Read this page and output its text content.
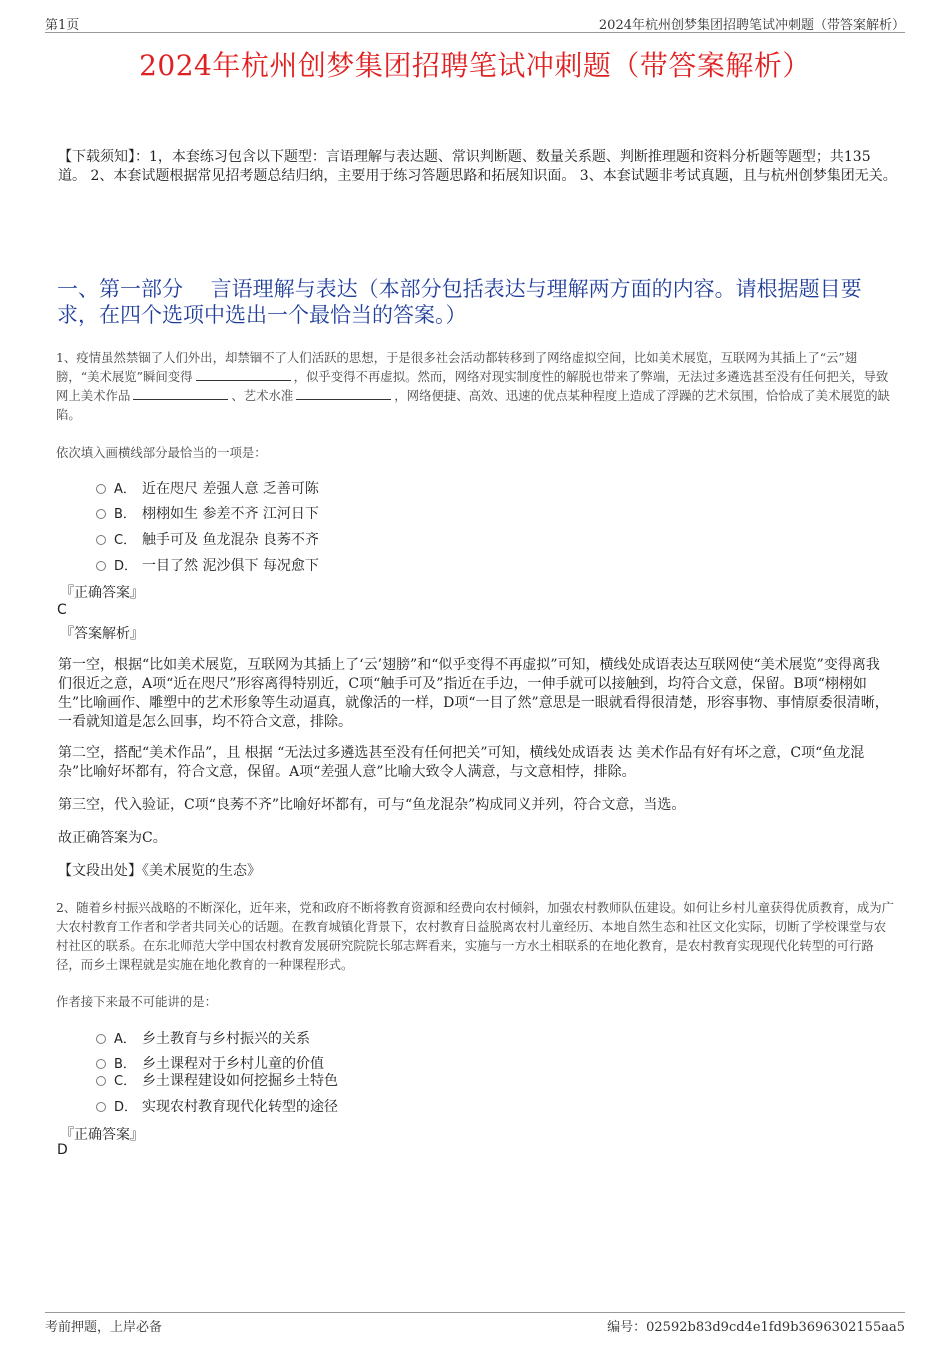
第1页	2024年杭州创梦集团招聘笔试冲刺题（带答案解析）
2024年杭州创梦集团招聘笔试冲刺题（带答案解析）
【下载须知】：1，本套练习包含以下题型：言语理解与表达题、常识判断题、数量关系题、判断推理题和资料分析题等题型；共135道。 2、本套试题根据常见招考题总结归纳，主要用于练习答题思路和拓展知识面。 3、本套试题非考试真题，且与杭州创梦集团无关。
一、第一部分　 言语理解与表达（本部分包括表达与理解两方面的内容。请根据题目要求，在四个选项中选出一个最恰当的答案。）
1、疫情虽然禁锢了人们外出，却禁锢不了人们活跃的思想，于是很多社会活动都转移到了网络虚拟空间，比如美术展览，互联网为其插上了“云”翅膀，“美术展览”瞬间变得	，似乎变得不再虚拟。然而，网络对现实制度性的解脱也带来了弊端，无法过多遴选甚至没有任何把关，导致网上美术作品	、艺术水准	，网络便捷、高效、迅速的优点某种程度上造成了浮躁的艺术氛围，恰恰成了美术展览的缺陷。
依次填入画横线部分最恰当的一项是：
A． 近在咫尺 差强人意 乏善可陈
B． 栩栩如生 参差不齐 江河日下
C． 触手可及 鱼龙混杂 良莠不齐
D． 一目了然 泥沙俱下 每况愈下
『正确答案』
C
『答案解析』
第一空，根据“比如美术展览，互联网为其插上了‘云’翅膀”和“似乎变得不再虚拟”可知，横线处成语表达互联网使“美术展览”变得离我们很近之意，A项“近在咫尺”形容离得特别近，C项“触手可及”指近在手边，一伸手就可以接触到，均符合文意，保留。B项“栩栩如生”比喻画作、雕塑中的艺术形象等生动逼真，就像活的一样，D项“一目了然”意思是一眼就看得很清楚，形容事物、事情原委很清晰，一看就知道是怎么回事，均不符合文意，排除。
第二空，搭配“美术作品”，且 根据 “无法过多遴选甚至没有任何把关”可知，横线处成语表 达 美术作品有好有坏之意，C项“鱼龙混杂”比喻好坏都有，符合文意，保留。A项“差强人意”比喻大致令人满意，与文意相悖，排除。
第三空，代入验证，C项“良莠不齐”比喻好坏都有，可与“鱼龙混杂”构成同义并列，符合文意，当选。
故正确答案为C。
【文段出处】《美术展览的生态》
2、随着乡村振兴战略的不断深化，近年来，党和政府不断将教育资源和经费向农村倾斜，加强农村教师队伍建设。如何让乡村儿童获得优质教育，成为广大农村教育工作者和学者共同关心的话题。在教育城镇化背景下，农村教育日益脱离农村儿童经历、本地自然生态和社区文化实际，切断了学校课堂与农村社区的联系。在东北师范大学中国农村教育发展研究院院长邬志辉看来，实施与一方水土相联系的在地化教育，是农村教育实现现代化转型的可行路径，而乡土课程就是实施在地化教育的一种课程形式。
作者接下来最不可能讲的是：
A． 乡土教育与乡村振兴的关系
B． 乡土课程对于乡村儿童的价值
C． 乡土课程建设如何挖掘乡土特色
D． 实现农村教育现代化转型的途径
『正确答案』
D
考前押题，上岸必备	编号：02592b83d9cd4e1fd9b3696302155aa5
